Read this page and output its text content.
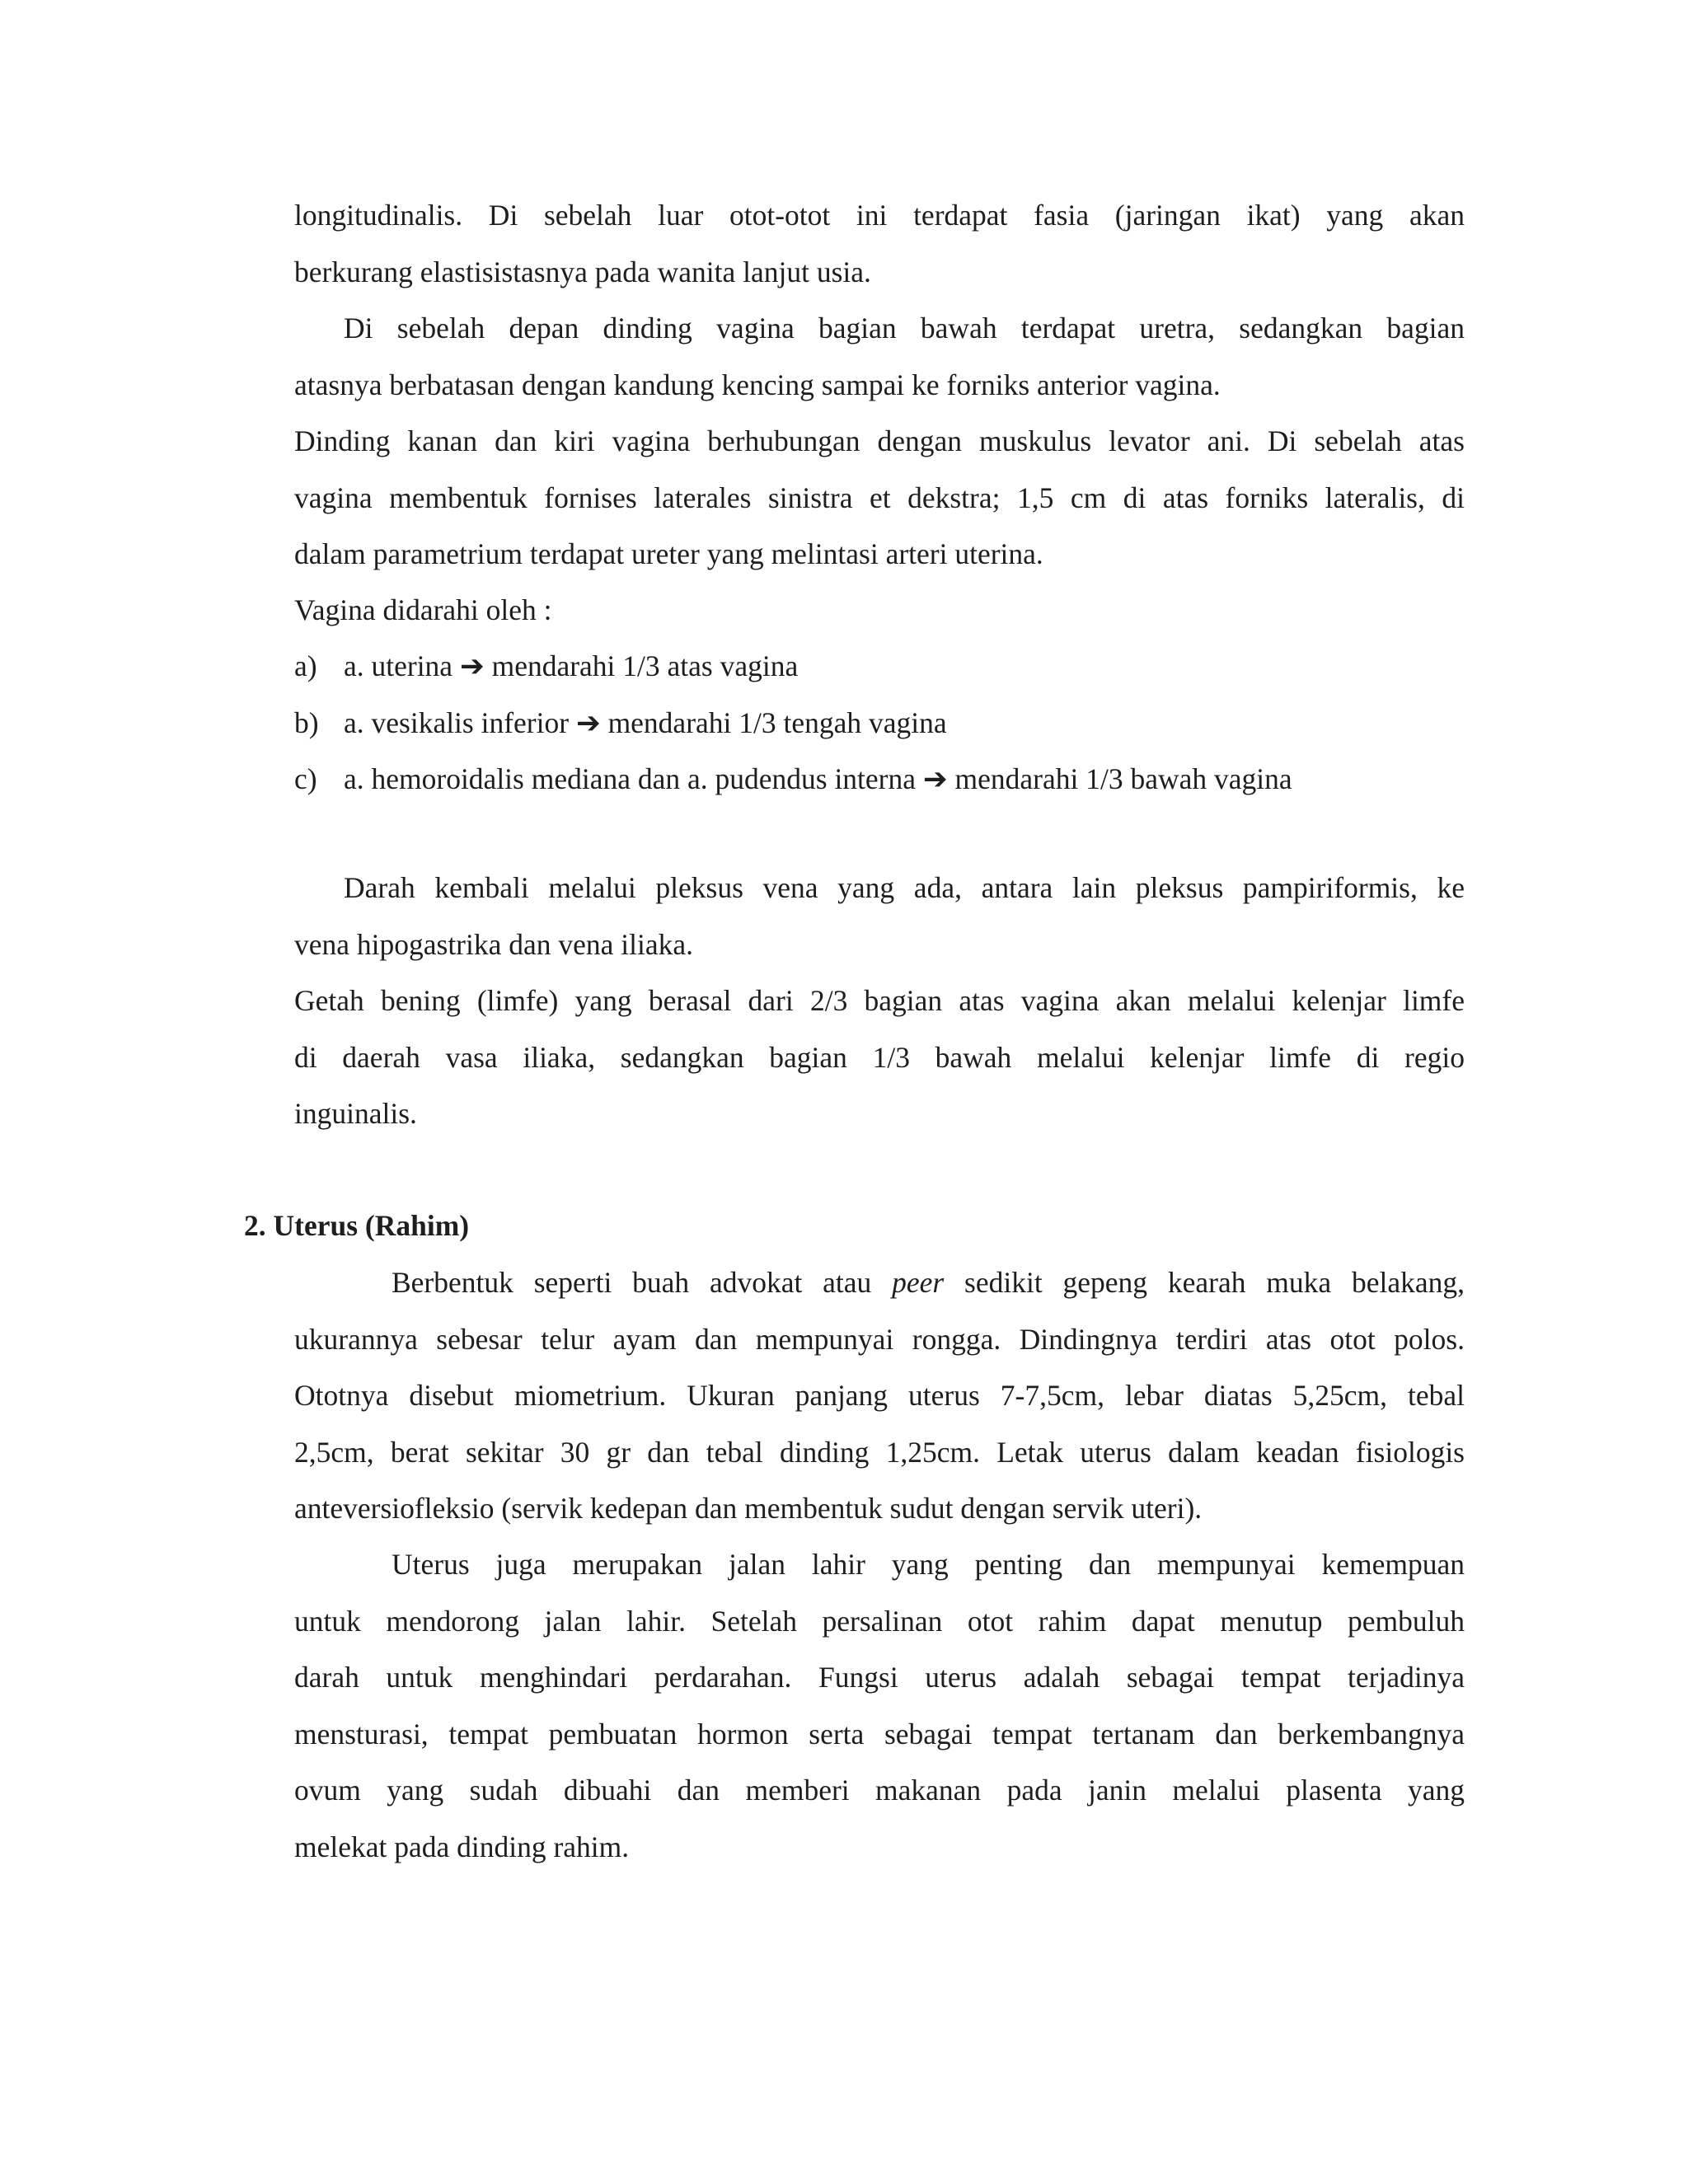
longitudinalis. Di sebelah luar otot-otot ini terdapat fasia (jaringan ikat) yang akan
berkurang elastisistasnya pada wanita lanjut usia.
Di sebelah depan dinding vagina bagian bawah terdapat uretra, sedangkan bagian
atasnya berbatasan dengan kandung kencing sampai ke forniks anterior vagina.
Dinding kanan dan kiri vagina berhubungan dengan muskulus levator ani. Di sebelah atas
vagina membentuk fornises laterales sinistra et dekstra; 1,5 cm di atas forniks lateralis, di
dalam parametrium terdapat ureter yang melintasi arteri uterina.
Vagina didarahi oleh :
a) a. uterina ➔ mendarahi 1/3 atas vagina
b) a. vesikalis inferior ➔ mendarahi 1/3 tengah vagina
c) a. hemoroidalis mediana dan a. pudendus interna ➔ mendarahi 1/3 bawah vagina
Darah kembali melalui pleksus vena yang ada, antara lain pleksus pampiriformis, ke
vena hipogastrika dan vena iliaka.
Getah bening (limfe) yang berasal dari 2/3 bagian atas vagina akan melalui kelenjar limfe
di daerah vasa iliaka, sedangkan bagian 1/3 bawah melalui kelenjar limfe di regio
inguinalis.
2. Uterus (Rahim)
Berbentuk seperti buah advokat atau peer sedikit gepeng kearah muka belakang,
ukurannya sebesar telur ayam dan mempunyai rongga. Dindingnya terdiri atas otot polos.
Ototnya disebut miometrium. Ukuran panjang uterus 7-7,5cm, lebar diatas 5,25cm, tebal
2,5cm, berat sekitar 30 gr dan tebal dinding 1,25cm. Letak uterus dalam keadan fisiologis
anteversiofleksio (servik kedepan dan membentuk sudut dengan servik uteri).
Uterus juga merupakan jalan lahir yang penting dan mempunyai kemempuan
untuk mendorong jalan lahir. Setelah persalinan otot rahim dapat menutup pembuluh
darah untuk menghindari perdarahan. Fungsi uterus adalah sebagai tempat terjadinya
mensturasi, tempat pembuatan hormon serta sebagai tempat tertanam dan berkembangnya
ovum yang sudah dibuahi dan memberi makanan pada janin melalui plasenta yang
melekat pada dinding rahim.
